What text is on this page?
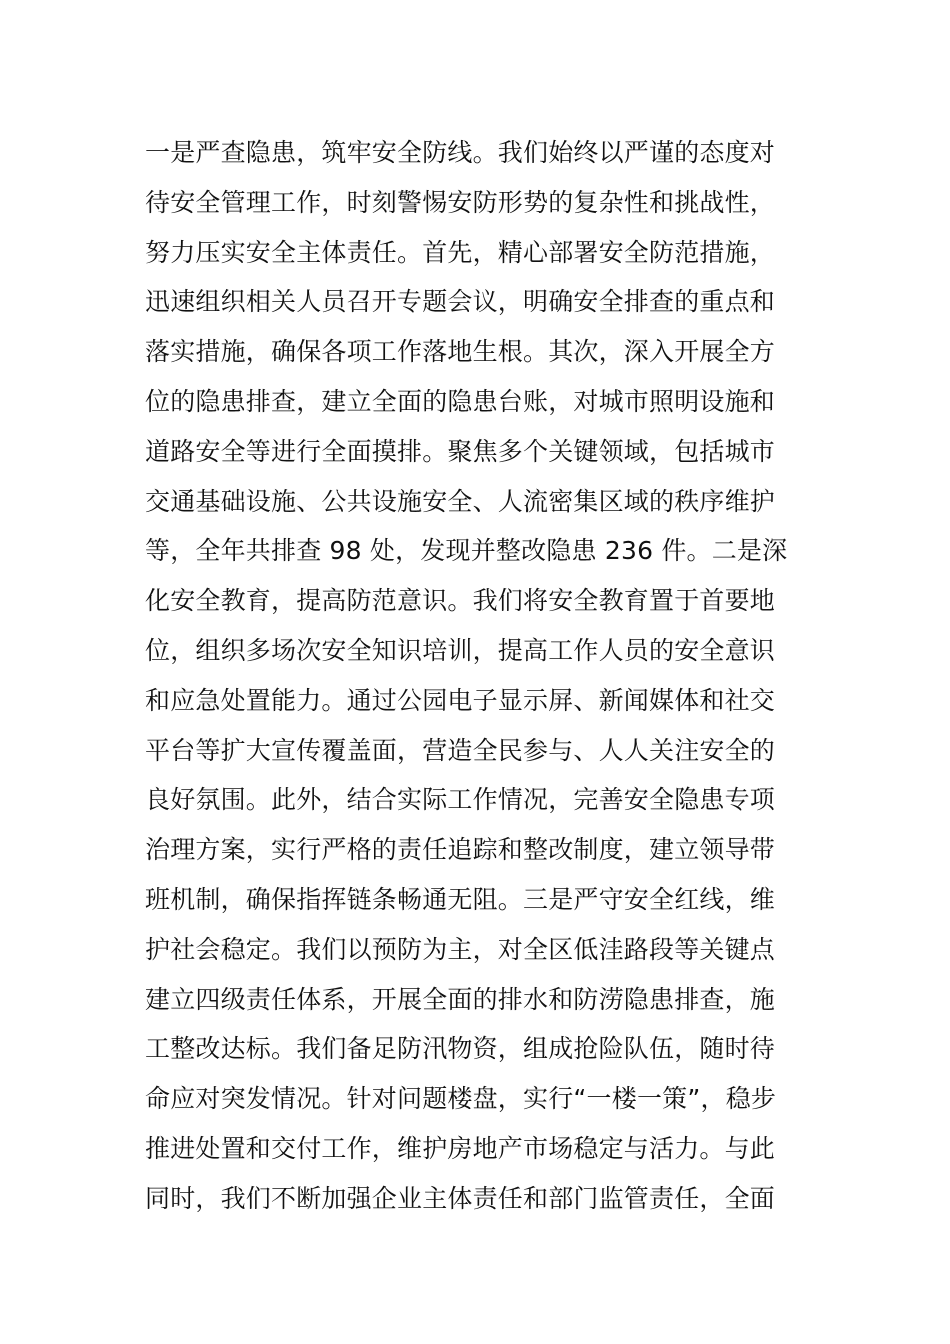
一是严查隐患，筑牢安全防线。我们始终以严谨的态度对
待安全管理工作，时刻警惕安防形势的复杂性和挑战性，
努力压实安全主体责任。首先，精心部署安全防范措施，
迅速组织相关人员召开专题会议，明确安全排查的重点和
落实措施，确保各项工作落地生根。其次，深入开展全方
位的隐患排查，建立全面的隐患台账，对城市照明设施和
道路安全等进行全面摸排。聚焦多个关键领域，包括城市
交通基础设施、公共设施安全、人流密集区域的秩序维护
等，全年共排查 98 处，发现并整改隐患 236 件。二是深
化安全教育，提高防范意识。我们将安全教育置于首要地
位，组织多场次安全知识培训，提高工作人员的安全意识
和应急处置能力。通过公园电子显示屏、新闻媒体和社交
平台等扩大宣传覆盖面，营造全民参与、人人关注安全的
良好氛围。此外，结合实际工作情况，完善安全隐患专项
治理方案，实行严格的责任追踪和整改制度，建立领导带
班机制，确保指挥链条畅通无阻。三是严守安全红线，维
护社会稳定。我们以预防为主，对全区低洼路段等关键点
建立四级责任体系，开展全面的排水和防涝隐患排查，施
工整改达标。我们备足防汛物资，组成抢险队伍，随时待
命应对突发情况。针对问题楼盘，实行“一楼一策”，稳步
推进处置和交付工作，维护房地产市场稳定与活力。与此
同时，我们不断加强企业主体责任和部门监管责任，全面
